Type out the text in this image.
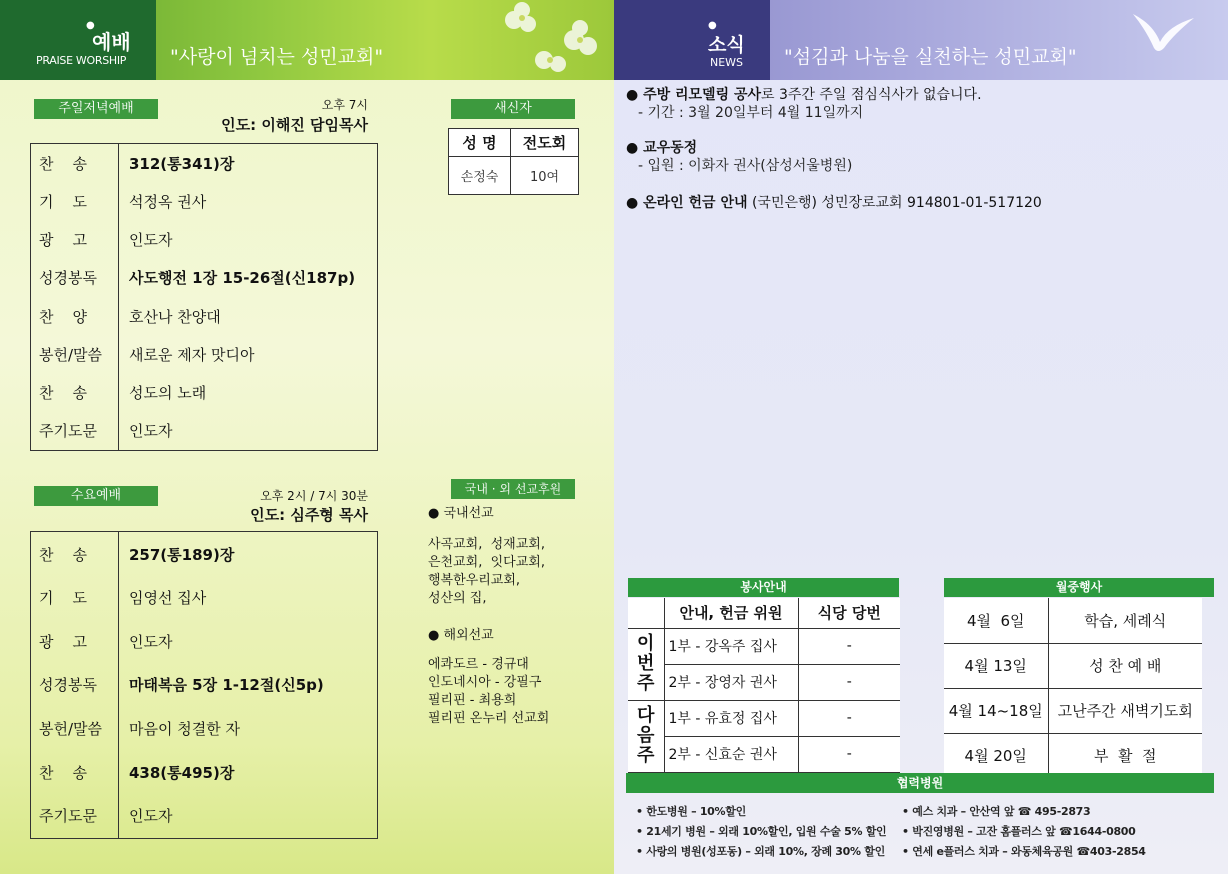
●
예배
PRAISE WORSHIP "사랑이 넘치는 성민교회"
주일저녁예배	오후 7시
인도: 이해진 담임목사
찬    송	312(통341)장
기    도	석정옥 권사
광    고	인도자
성경봉독	사도행전 1장 15-26절(신187p)
찬    양	호산나 찬양대
봉헌/말씀	새로운 제자 맛디아
찬    송	성도의 노래
주기도문	인도자
수요예배	오후 2시 / 7시 30분
인도: 심주형 목사
찬    송	257(통189)장
기    도	임영선 집사
광    고	인도자
성경봉독	마태복음 5장 1-12절(신5p)
봉헌/말씀	마음이 청결한 자
찬    송	438(통495)장
주기도문	인도자
새신자
성 명	전도회
손정숙	10여
국내 · 외 선교후원
● 국내선교
사곡교회,  성재교회,
은천교회,  잇다교회,
행복한우리교회,
성산의 집,
● 해외선교
에콰도르 - 경규대
인도네시아 - 강필구
필리핀 - 최용희
필리핀 온누리 선교회
●
소식
NEWS "섬김과 나눔을 실천하는 성민교회"
● 주방 리모델링 공사로 3주간 주일 점심식사가 없습니다.
- 기간 : 3월 20일부터 4월 11일까지
● 교우동정
- 입원 : 이화자 권사(삼성서울병원)
● 온라인 헌금 안내 (국민은행) 성민장로교회 914801-01-517120
봉사안내
	안내, 헌금 위원	식당 당번
이
번
주	1부 - 강옥주 집사	-
	2부 - 장영자 권사	-
다
음
주	1부 - 유효정 집사	-
	2부 - 신효순 권사	-
월중행사
4월  6일	학습, 세례식
4월 13일	성 찬 예 배
4월 14~18일	고난주간 새벽기도회
4월 20일	부  활  절
협력병원
• 한도병원 – 10%할인
• 21세기 병원 – 외래 10%할인, 입원 수술 5% 할인
• 사랑의 병원(성포동) – 외래 10%, 장례 30% 할인
• 예스 치과 – 안산역 앞 ☎ 495-2873
• 박진영병원 – 고잔 홈플러스 앞 ☎1644-0800
• 연세 e플러스 치과 – 와동체육공원 ☎403-2854
